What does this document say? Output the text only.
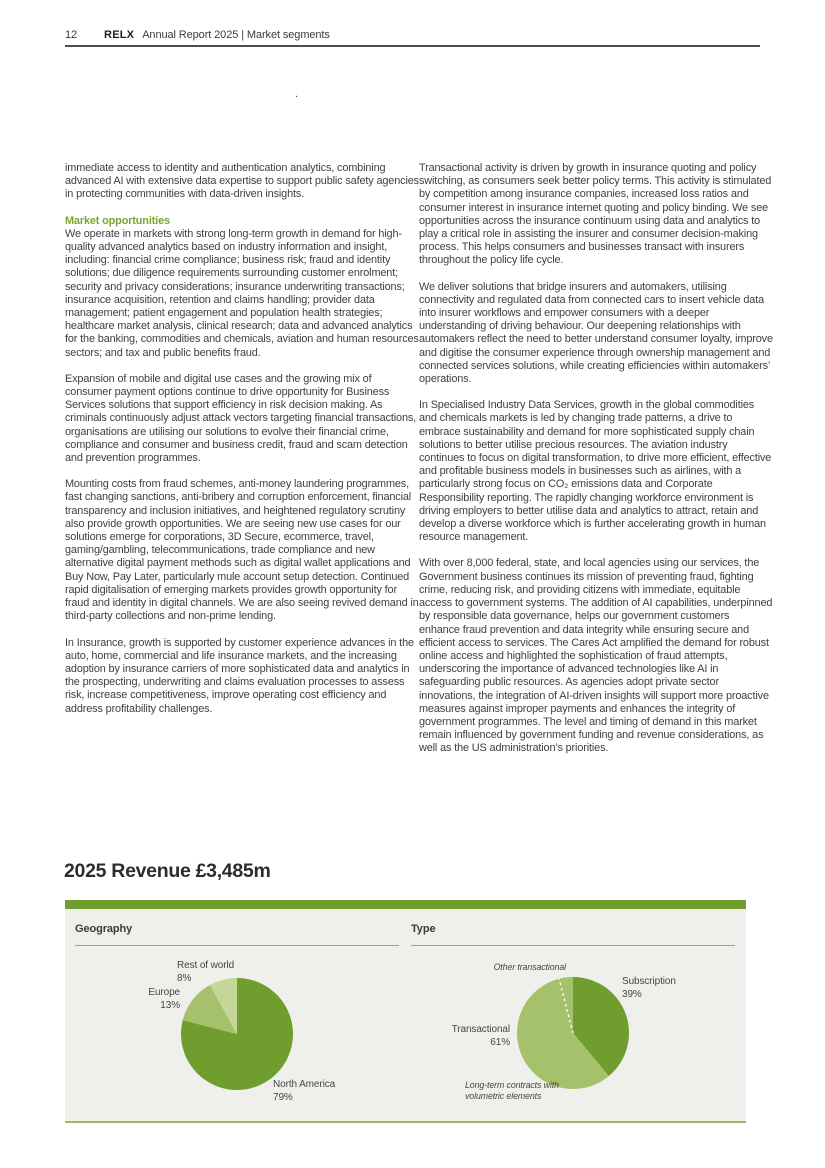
12 RELX Annual Report 2025 | Market segments
.

immediate access to identity and authentication analytics, combining advanced AI with extensive data expertise to support public safety agencies in protecting communities with data-driven insights.

Market opportunities

We operate in markets with strong long-term growth in demand for high-quality advanced analytics based on industry information and insight, including: financial crime compliance; business risk; fraud and identity solutions; due diligence requirements surrounding customer enrolment; security and privacy considerations; insurance underwriting transactions; insurance acquisition, retention and claims handling; provider data management; patient engagement and population health strategies; healthcare market analysis, clinical research; data and advanced analytics for the banking, commodities and chemicals, aviation and human resources sectors; and tax and public benefits fraud.

Expansion of mobile and digital use cases and the growing mix of consumer payment options continue to drive opportunity for Business Services solutions that support efficiency in risk decision making. As criminals continuously adjust attack vectors targeting financial transactions, organisations are utilising our solutions to evolve their financial crime, compliance and consumer and business credit, fraud and scam detection and prevention programmes.

Mounting costs from fraud schemes, anti-money laundering programmes, fast changing sanctions, anti-bribery and corruption enforcement, financial transparency and inclusion initiatives, and heightened regulatory scrutiny also provide growth opportunities. We are seeing new use cases for our solutions emerge for corporations, 3D Secure, ecommerce, travel, gaming/gambling, telecommunications, trade compliance and new alternative digital payment methods such as digital wallet applications and Buy Now, Pay Later, particularly mule account setup detection. Continued rapid digitalisation of emerging markets provides growth opportunity for fraud and identity in digital channels. We are also seeing revived demand in third-party collections and non-prime lending.

In Insurance, growth is supported by customer experience advances in the auto, home, commercial and life insurance markets, and the increasing adoption by insurance carriers of more sophisticated data and analytics in the prospecting, underwriting and claims evaluation processes to assess risk, increase competitiveness, improve operating cost efficiency and address profitability challenges.

Transactional activity is driven by growth in insurance quoting and policy switching, as consumers seek better policy terms. This activity is stimulated by competition among insurance companies, increased loss ratios and consumer interest in insurance internet quoting and policy binding. We see opportunities across the insurance continuum using data and analytics to play a critical role in assisting the insurer and consumer decision-making process. This helps consumers and businesses transact with insurers throughout the policy life cycle.

We deliver solutions that bridge insurers and automakers, utilising connectivity and regulated data from connected cars to insert vehicle data into insurer workflows and empower consumers with a deeper understanding of driving behaviour. Our deepening relationships with automakers reflect the need to better understand consumer loyalty, improve and digitise the consumer experience through ownership management and connected services solutions, while creating efficiencies within automakers’ operations.

In Specialised Industry Data Services, growth in the global commodities and chemicals markets is led by changing trade patterns, a drive to embrace sustainability and demand for more sophisticated supply chain solutions to better utilise precious resources. The aviation industry continues to focus on digital transformation, to drive more efficient, effective and profitable business models in businesses such as airlines, with a particularly strong focus on CO₂ emissions data and Corporate Responsibility reporting. The rapidly changing workforce environment is driving employers to better utilise data and analytics to attract, retain and develop a diverse workforce which is further accelerating growth in human resource management.

With over 8,000 federal, state, and local agencies using our services, the Government business continues its mission of preventing fraud, fighting crime, reducing risk, and providing citizens with immediate, equitable access to government systems. The addition of AI capabilities, underpinned by responsible data governance, helps our government customers enhance fraud prevention and data integrity while ensuring secure and efficient access to services. The Cares Act amplified the demand for robust online access and highlighted the sophistication of fraud attempts, underscoring the importance of advanced technologies like AI in safeguarding public resources. As agencies adopt private sector innovations, the integration of AI-driven insights will support more proactive measures against improper payments and enhances the integrity of government programmes. The level and timing of demand in this market remain influenced by government funding and revenue considerations, as well as the US administration’s priorities.

2025 Revenue £3,485m
Geography	Type
Rest of world
8%
Europe
13%
North America
79%
Other transactional
Subscription
39%
Transactional
61%
Long-term contracts with volumetric elements
